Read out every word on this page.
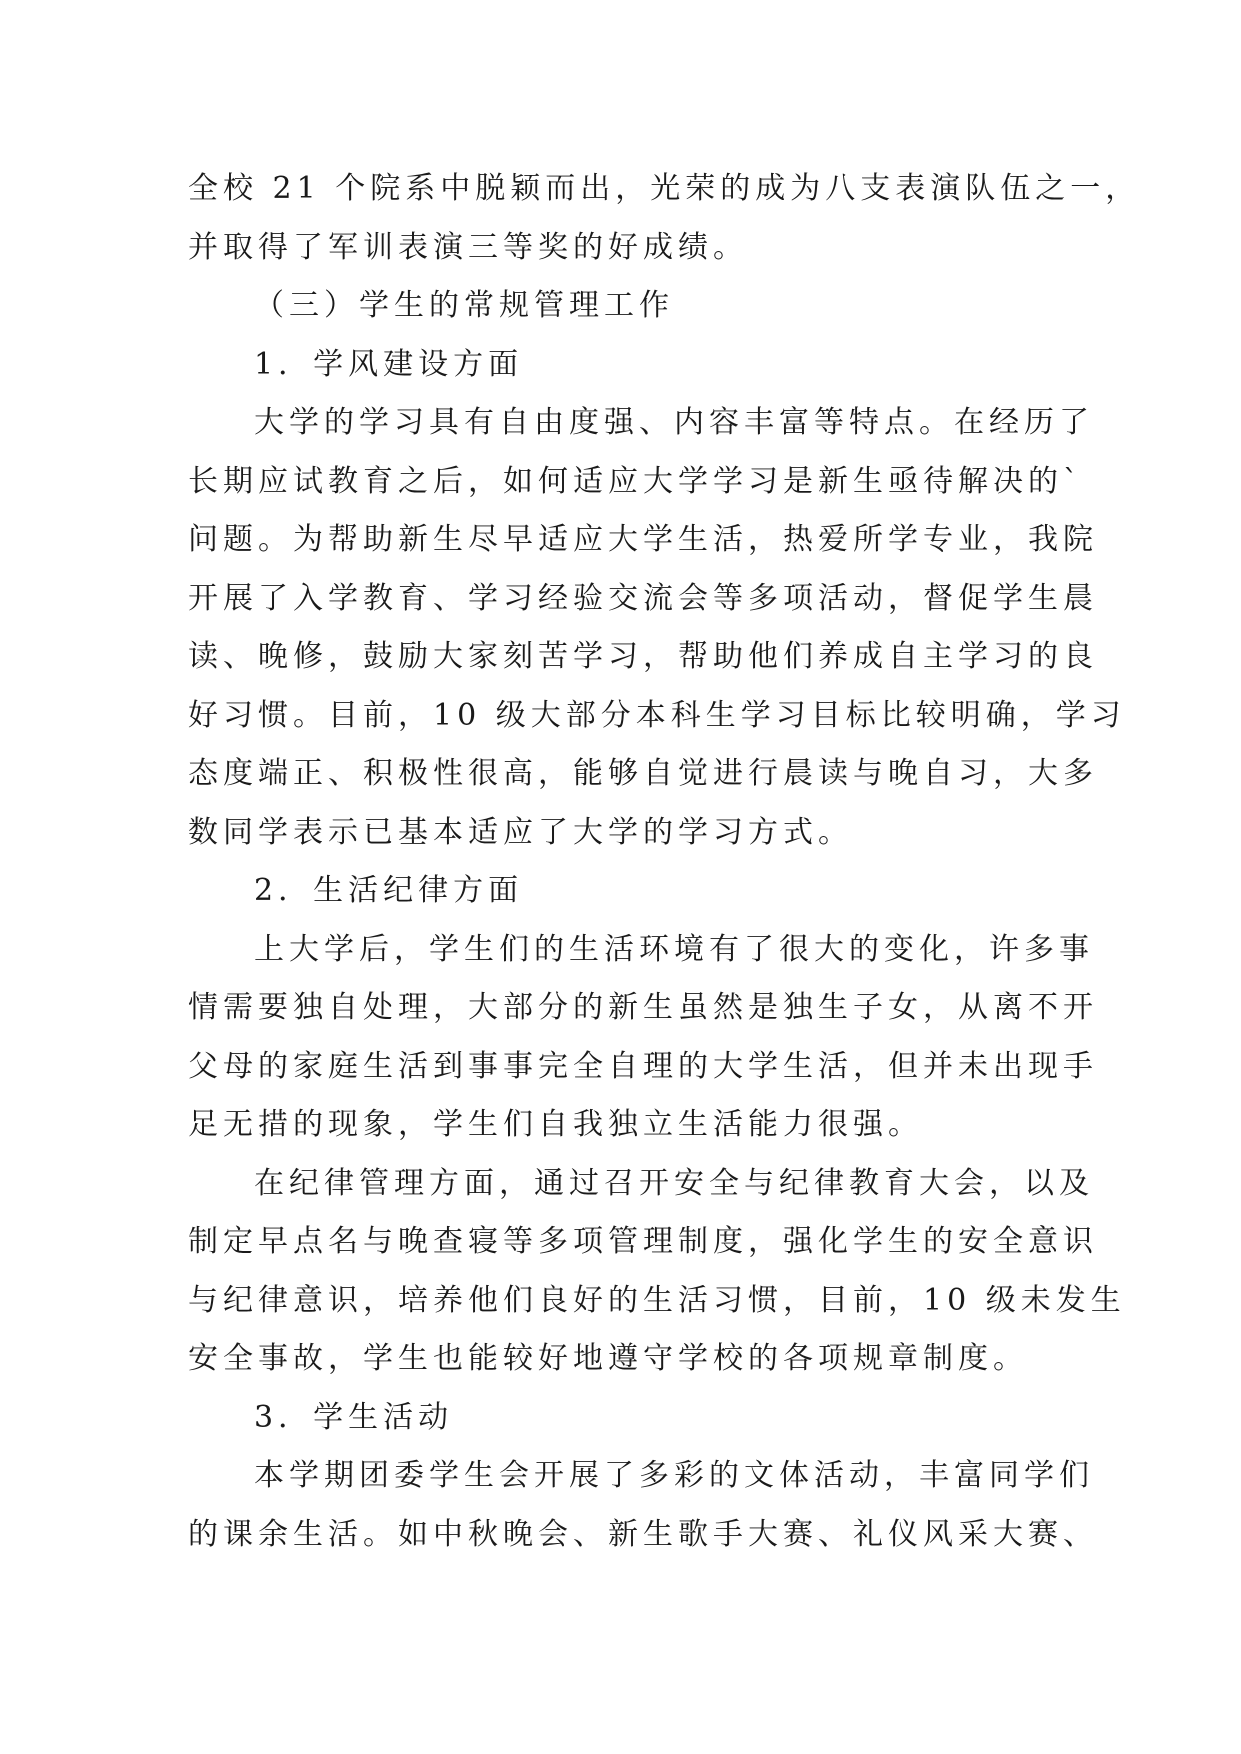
全校 21 个院系中脱颖而出，光荣的成为八支表演队伍之一，

并取得了军训表演三等奖的好成绩。

（三）学生的常规管理工作

1．学风建设方面

大学的学习具有自由度强、内容丰富等特点。在经历了

长期应试教育之后，如何适应大学学习是新生亟待解决的`

问题。为帮助新生尽早适应大学生活，热爱所学专业，我院

开展了入学教育、学习经验交流会等多项活动，督促学生晨

读、晚修，鼓励大家刻苦学习，帮助他们养成自主学习的良

好习惯。目前，10 级大部分本科生学习目标比较明确，学习

态度端正、积极性很高，能够自觉进行晨读与晚自习，大多

数同学表示已基本适应了大学的学习方式。

2．生活纪律方面

上大学后，学生们的生活环境有了很大的变化，许多事

情需要独自处理，大部分的新生虽然是独生子女，从离不开

父母的家庭生活到事事完全自理的大学生活，但并未出现手

足无措的现象，学生们自我独立生活能力很强。

在纪律管理方面，通过召开安全与纪律教育大会，以及

制定早点名与晚查寝等多项管理制度，强化学生的安全意识

与纪律意识，培养他们良好的生活习惯，目前，10 级未发生

安全事故，学生也能较好地遵守学校的各项规章制度。

3．学生活动

本学期团委学生会开展了多彩的文体活动，丰富同学们

的课余生活。如中秋晚会、新生歌手大赛、礼仪风采大赛、
